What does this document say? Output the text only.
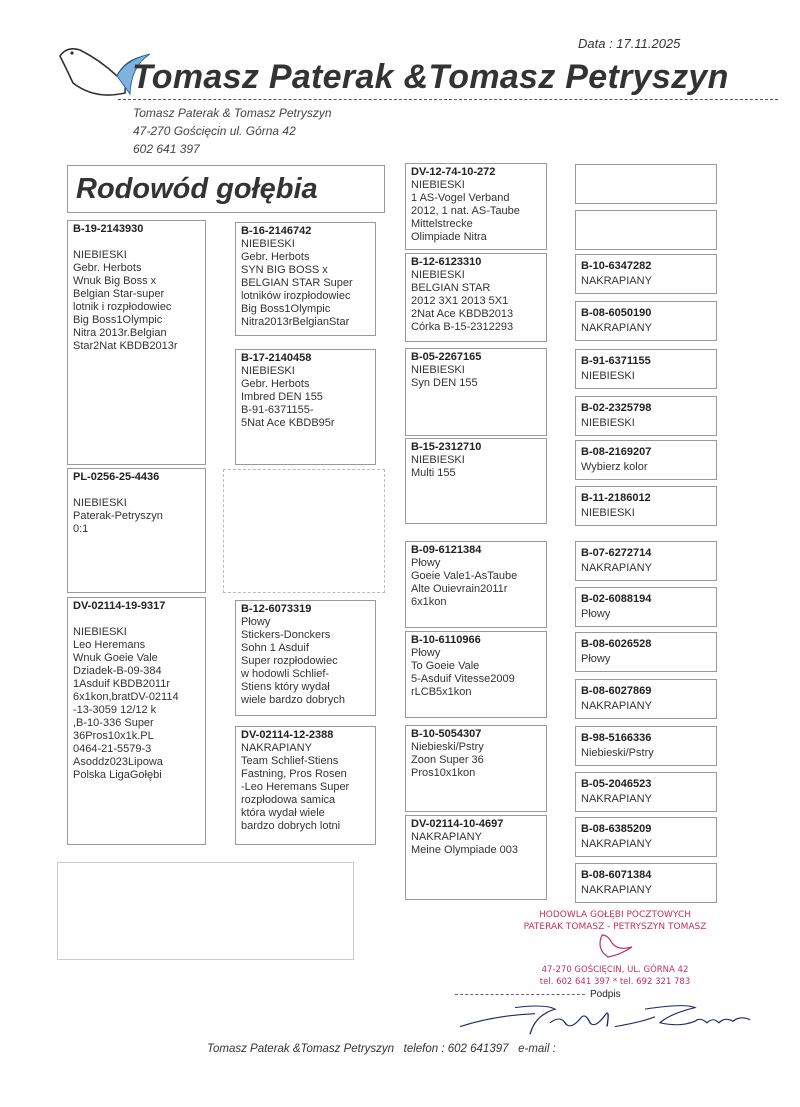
Data : 17.11.2025
Tomasz Paterak &Tomasz Petryszyn
Tomasz Paterak & Tomasz Petryszyn
47-270 Gościęcin ul. Górna 42
602 641 397
Rodowód gołębia
B-19-2143930
NIEBIESKI
Gebr. Herbots
Wnuk Big Boss x
Belgian Star-super
lotnik i rozpłodowiec
Big Boss1Olympic
Nitra 2013r.Belgian
Star2Nat KBDB2013r
PL-0256-25-4436
NIEBIESKI
Paterak-Petryszyn
0:1
DV-02114-19-9317
NIEBIESKI
Leo Heremans
Wnuk Goeie Vale
Dziadek-B-09-384
1Asduif KBDB2011r
6x1kon,bratDV-02114
-13-3059 12/12 k
,B-10-336 Super
36Pros10x1k.PL
0464-21-5579-3
Asoddz023Lipowa
Polska LigaGołębi
B-16-2146742
NIEBIESKI
Gebr. Herbots
SYN BIG BOSS x
BELGIAN STAR Super
lotników irozpłodowiec
Big Boss1Olympic
Nitra2013rBelgianStar
B-17-2140458
NIEBIESKI
Gebr. Herbots
Imbred DEN 155
B-91-6371155-
5Nat Ace KBDB95r
B-12-6073319
Płowy
Stickers-Donckers
Sohn 1 Asduif
Super rozpłodowiec
w hodowli Schlief-
Stiens który wydał
wiele bardzo dobrych
DV-02114-12-2388
NAKRAPIANY
Team Schlief-Stiens
Fastning, Pros Rosen
-Leo Heremans Super
rozpłodowa samica
która wydał wiele
bardzo dobrych lotni
DV-12-74-10-272
NIEBIESKI
1 AS-Vogel Verband
2012, 1 nat. AS-Taube
Mittelstrecke
Olimpiade Nitra
B-12-6123310
NIEBIESKI
BELGIAN STAR
2012 3X1 2013 5X1
2Nat Ace KBDB2013
Córka B-15-2312293
B-05-2267165
NIEBIESKI
Syn DEN 155
B-15-2312710
NIEBIESKI
Multi 155
B-09-6121384
Płowy
Goeie Vale1-AsTaube
Alte Ouievrain2011r
6x1kon
B-10-6110966
Płowy
To Goeie Vale
5-Asduif Vitesse2009
rLCB5x1kon
B-10-5054307
Niebieski/Pstry
Zoon Super 36
Pros10x1kon
DV-02114-10-4697
NAKRAPIANY
Meine Olympiade 003
B-10-6347282
NAKRAPIANY
B-08-6050190
NAKRAPIANY
B-91-6371155
NIEBIESKI
B-02-2325798
NIEBIESKI
B-08-2169207
Wybierz kolor
B-11-2186012
NIEBIESKI
B-07-6272714
NAKRAPIANY
B-02-6088194
Płowy
B-08-6026528
Płowy
B-08-6027869
NAKRAPIANY
B-98-5166336
Niebieski/Pstry
B-05-2046523
NAKRAPIANY
B-08-6385209
NAKRAPIANY
B-08-6071384
NAKRAPIANY
HODOWLA GOŁĘBI POCZTOWYCH
PATERAK TOMASZ - PETRYSZYN TOMASZ
47-270 GOŚCIĘCIN, UL. GÓRNA 42
tel. 602 641 397 * tel. 692 321 783
Podpis
Tomasz Paterak &Tomasz Petryszyn   telefon : 602 641397   e-mail :
